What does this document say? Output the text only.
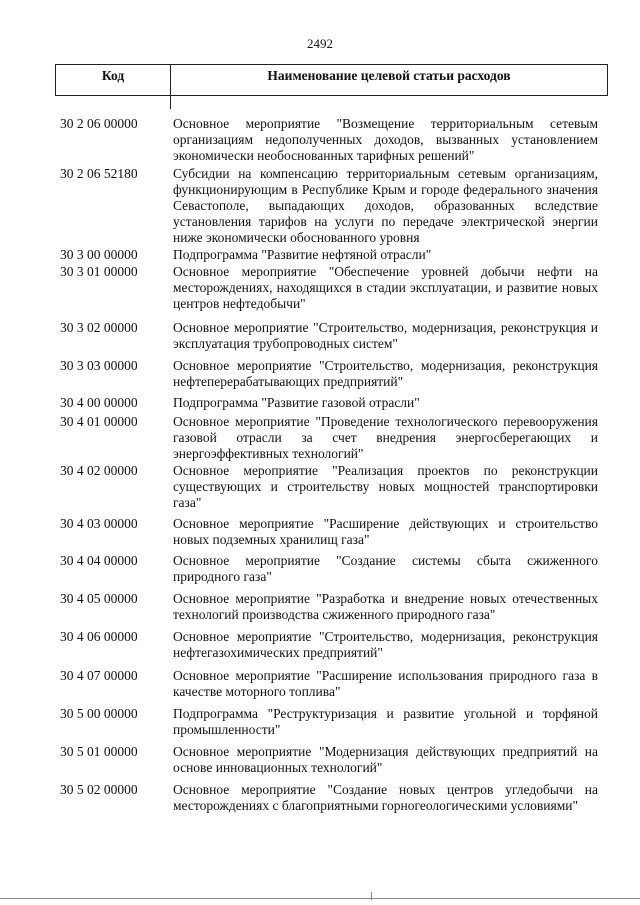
2492
Код	Наименование целевой статьи расходов
30 2 06 00000	Основное мероприятие "Возмещение территориальным сетевым организациям недополученных доходов, вызванных установлением экономически необоснованных тарифных решений"
30 2 06 52180	Субсидии на компенсацию территориальным сетевым организациям, функционирующим в Республике Крым и городе федерального значения Севастополе, выпадающих доходов, образованных вследствие установления тарифов на услуги по передаче электрической энергии ниже экономически обоснованного уровня
30 3 00 00000	Подпрограмма "Развитие нефтяной отрасли"
30 3 01 00000	Основное мероприятие "Обеспечение уровней добычи нефти на месторождениях, находящихся в стадии эксплуатации, и развитие новых центров нефтедобычи"
30 3 02 00000	Основное мероприятие "Строительство, модернизация, реконструкция и эксплуатация трубопроводных систем"
30 3 03 00000	Основное мероприятие "Строительство, модернизация, реконструкция нефтеперерабатывающих предприятий"
30 4 00 00000	Подпрограмма "Развитие газовой отрасли"
30 4 01 00000	Основное мероприятие "Проведение технологического перевооружения газовой отрасли за счет внедрения энергосберегающих и энергоэффективных технологий"
30 4 02 00000	Основное мероприятие "Реализация проектов по реконструкции существующих и строительству новых мощностей транспортировки газа"
30 4 03 00000	Основное мероприятие "Расширение действующих и строительство новых подземных хранилищ газа"
30 4 04 00000	Основное мероприятие "Создание системы сбыта сжиженного природного газа"
30 4 05 00000	Основное мероприятие "Разработка и внедрение новых отечественных технологий производства сжиженного природного газа"
30 4 06 00000	Основное мероприятие "Строительство, модернизация, реконструкция нефтегазохимических предприятий"
30 4 07 00000	Основное мероприятие "Расширение использования природного газа в качестве моторного топлива"
30 5 00 00000	Подпрограмма "Реструктуризация и развитие угольной и торфяной промышленности"
30 5 01 00000	Основное мероприятие "Модернизация действующих предприятий на основе инновационных технологий"
30 5 02 00000	Основное мероприятие "Создание новых центров угледобычи на месторождениях с благоприятными горногеологическими условиями"
